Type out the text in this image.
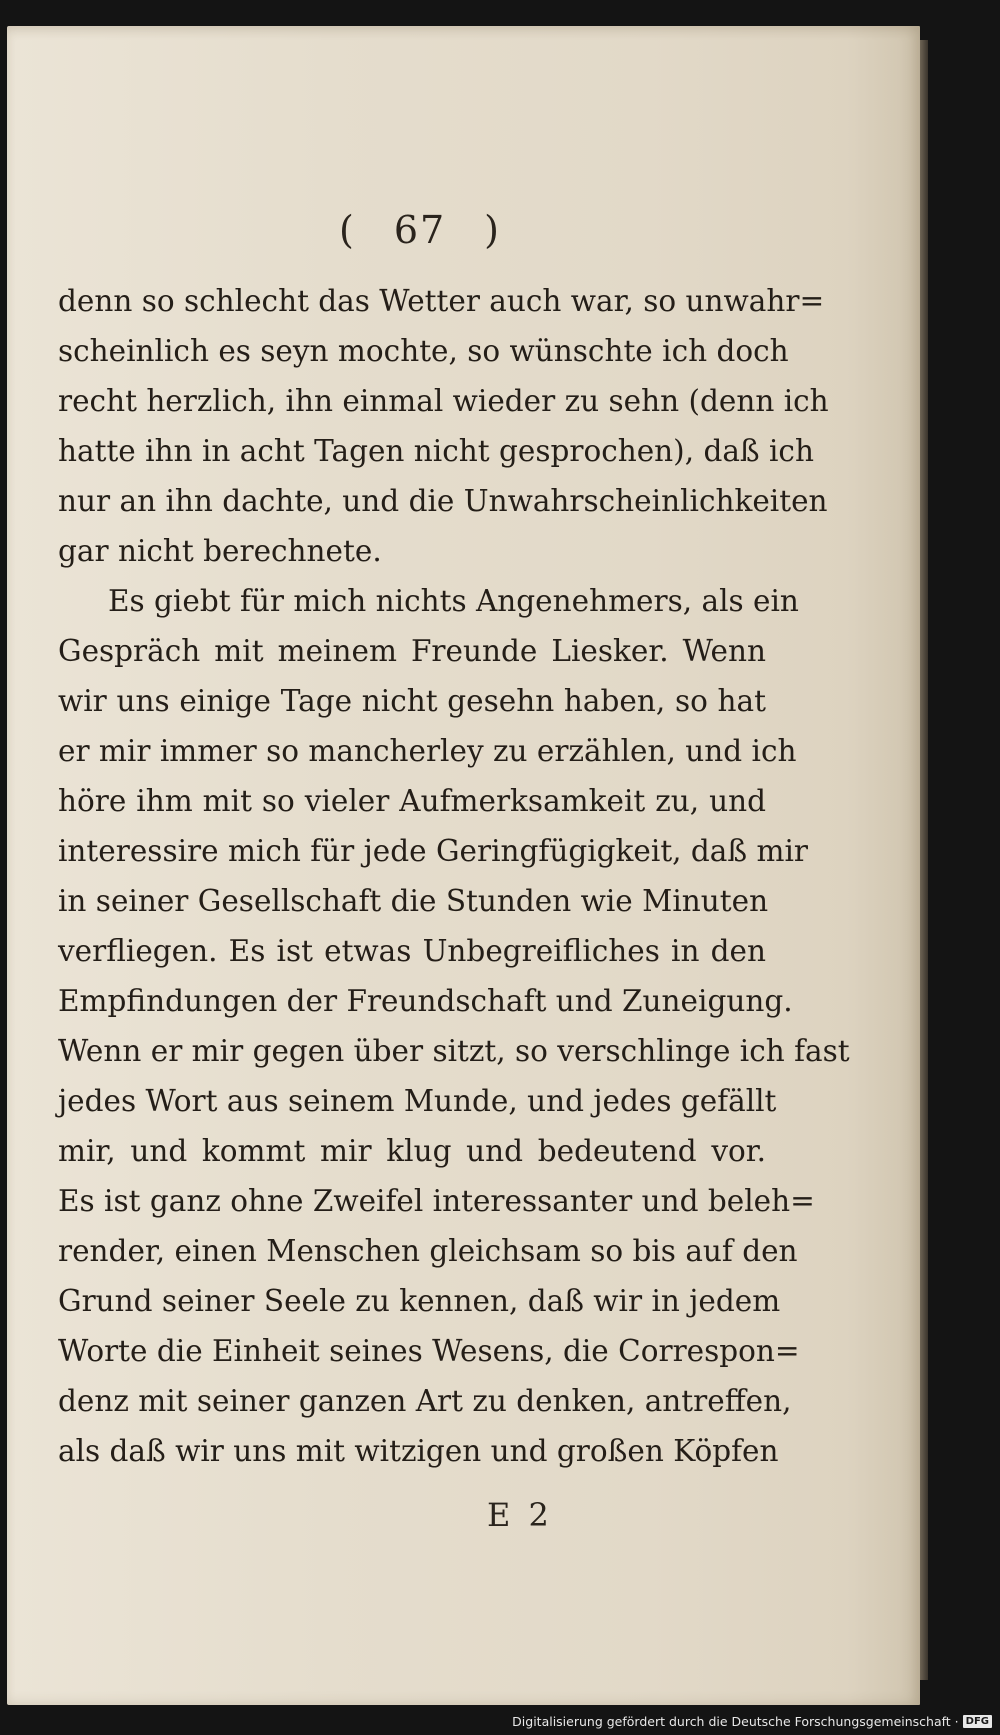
( 67 )
denn so schlecht das Wetter auch war, so unwahr=
scheinlich es seyn mochte, so wünschte ich doch
recht herzlich, ihn einmal wieder zu sehn (denn ich
hatte ihn in acht Tagen nicht gesprochen), daß ich
nur an ihn dachte, und die Unwahrscheinlichkeiten
gar nicht berechnete.
Es giebt für mich nichts Angenehmers, als ein
Gespräch mit meinem Freunde Liesker. Wenn
wir uns einige Tage nicht gesehn haben, so hat
er mir immer so mancherley zu erzählen, und ich
höre ihm mit so vieler Aufmerksamkeit zu, und
interessire mich für jede Geringfügigkeit, daß mir
in seiner Gesellschaft die Stunden wie Minuten
verfliegen. Es ist etwas Unbegreifliches in den
Empfindungen der Freundschaft und Zuneigung.
Wenn er mir gegen über sitzt, so verschlinge ich fast
jedes Wort aus seinem Munde, und jedes gefällt
mir, und kommt mir klug und bedeutend vor.
Es ist ganz ohne Zweifel interessanter und beleh=
render, einen Menschen gleichsam so bis auf den
Grund seiner Seele zu kennen, daß wir in jedem
Worte die Einheit seines Wesens, die Correspon=
denz mit seiner ganzen Art zu denken, antreffen,
als daß wir uns mit witzigen und großen Köpfen
E 2
Digitalisierung gefördert durch die Deutsche Forschungsgemeinschaft · DFG
